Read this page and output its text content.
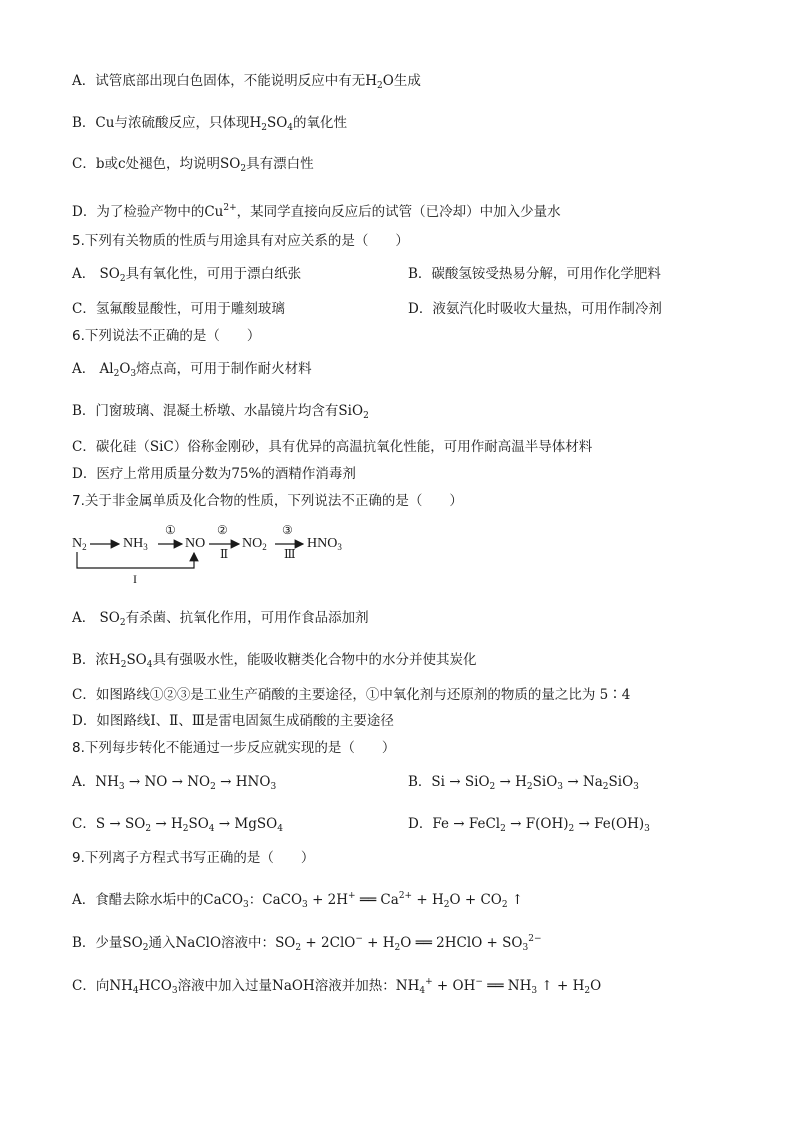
A．试管底部出现白色固体，不能说明反应中有无$H_2O$生成
B．Cu与浓硫酸反应，只体现$H_2SO_4$的氧化性
C．b或c处褪色，均说明$SO_2$具有漂白性
D．为了检验产物中的$Cu^{2+}$，某同学直接向反应后的试管（已冷却）中加入少量水
5.下列有关物质的性质与用途具有对应关系的是（　　）
A． $SO_2$具有氧化性，可用于漂白纸张	B．碳酸氢铵受热易分解，可用作化学肥料
C．氢氟酸显酸性，可用于雕刻玻璃	D．液氨汽化时吸收大量热，可用作制冷剂
6.下列说法不正确的是（　　）
A． $Al_2O_3$熔点高，可用于制作耐火材料
B．门窗玻璃、混凝土桥墩、水晶镜片均含有SiO$_2$
C．碳化硅（SiC）俗称金刚砂，具有优异的高温抗氧化性能，可用作耐高温半导体材料
D．医疗上常用质量分数为75%的酒精作消毒剂
7.关于非金属单质及化合物的性质，下列说法不正确的是（　　）
$N_2$	$NH_3$	NO	$NO_2$	$HNO_3$
①	②
Ⅱ
③
Ⅲ
I
A． $SO_2$有杀菌、抗氧化作用，可用作食品添加剂
B．浓$H_2SO_4$具有强吸水性，能吸收糖类化合物中的水分并使其炭化
C．如图路线①②③是工业生产硝酸的主要途径，①中氧化剂与还原剂的物质的量之比为 5∶4
D．如图路线Ⅰ、Ⅱ、Ⅲ是雷电固氮生成硝酸的主要途径
8.下列每步转化不能通过一步反应就实现的是（　　）
A．$NH_3$ → NO → $NO_2 \to HNO_3$	B．$Si \to SiO_2 \to H_2SiO_3 \to Na_2SiO_3$
C．$S \to SO_2 \to H_2SO_4$ → MgSO$_4$	D．Fe → FeCl$_2$ → $F(OH)_2 \to Fe(OH)_3$
9.下列离子方程式书写正确的是（　　）
A．食醋去除水垢中的CaCO$_3$：CaCO$_3$ + 2H+ ══ $Ca^{2+} + H_2O + CO_2$ ↑
B．少量$SO_2$通入NaClO溶液中：$SO_2 + 2ClO^- + H_2O$ ══ 2HClO + $SO_3^{2-}$
C．向$NH_4HCO_3$溶液中加入过量NaOH溶液并加热：$NH_4^+ + OH^-$ ══ $NH_3$ ↑ + $H_2O$
